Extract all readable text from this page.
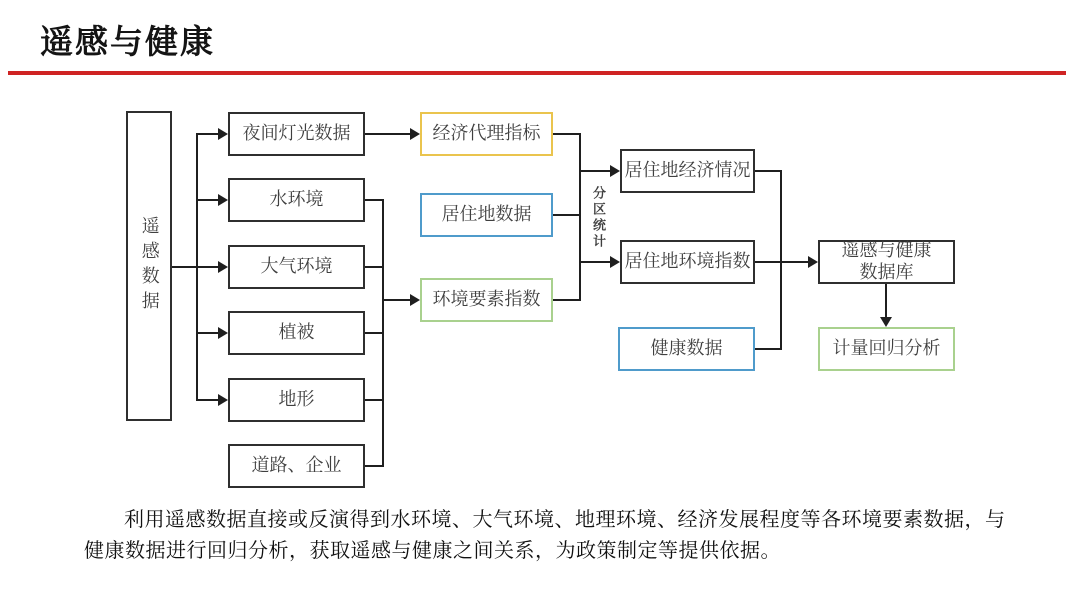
遥感与健康
遥感数据
夜间灯光数据
水环境
大气环境
植被
地形
道路、企业
经济代理指标
居住地数据
环境要素指数
分区统计
居住地经济情况
居住地环境指数
健康数据
遥感与健康
数据库
计量回归分析
利用遥感数据直接或反演得到水环境、大气环境、地理环境、经济发展程度等各环境要素数据，与健康数据进行回归分析，获取遥感与健康之间关系，为政策制定等提供依据。
